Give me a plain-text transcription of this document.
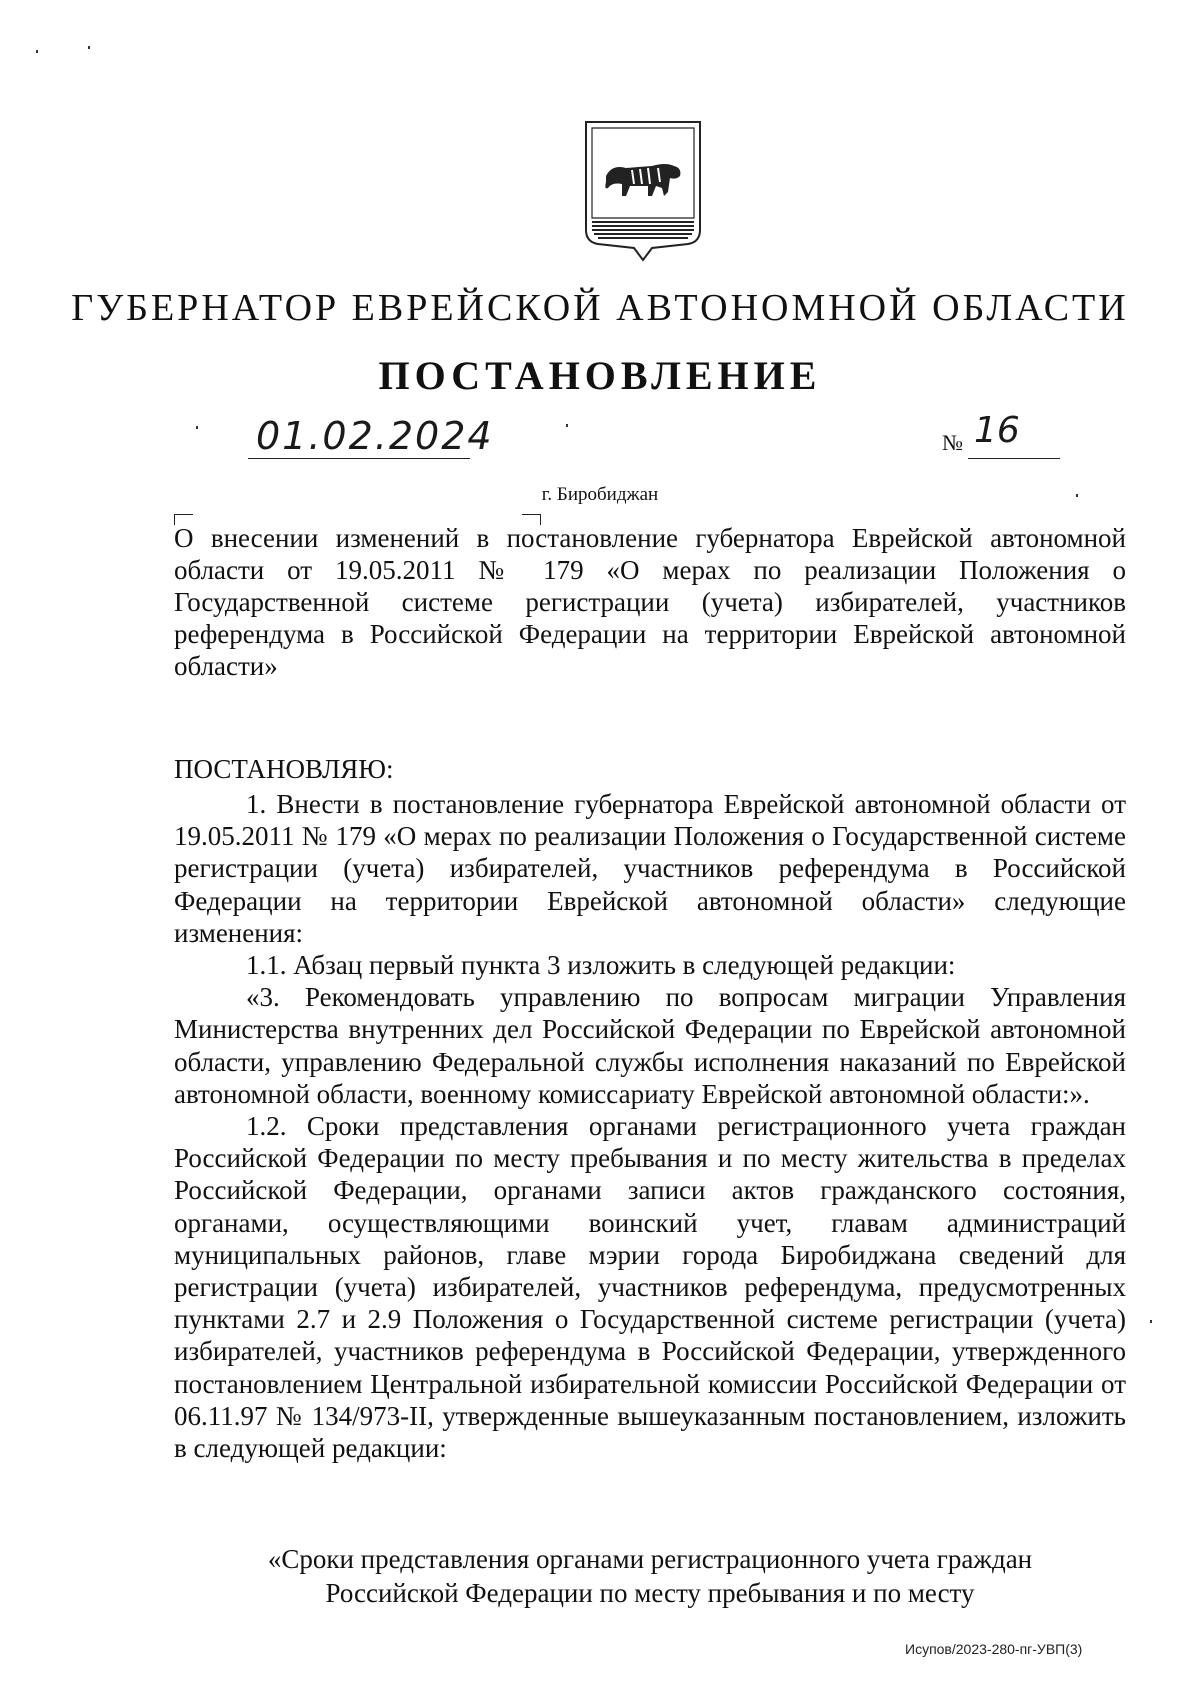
ГУБЕРНАТОР ЕВРЕЙСКОЙ АВТОНОМНОЙ ОБЛАСТИ
ПОСТАНОВЛЕНИЕ
01.02.2024	№ 16
г. Биробиджан
О внесении изменений в постановление губернатора Еврейской автономной области от 19.05.2011 № 179 «О мерах по реализации Положения о Государственной системе регистрации (учета) избирателей, участников референдума в Российской Федерации на территории Еврейской автономной области»
ПОСТАНОВЛЯЮ:

1. Внести в постановление губернатора Еврейской автономной области от 19.05.2011 № 179 «О мерах по реализации Положения о Государственной системе регистрации (учета) избирателей, участников референдума в Российской Федерации на территории Еврейской автономной области» следующие изменения:

1.1. Абзац первый пункта 3 изложить в следующей редакции:

«3. Рекомендовать управлению по вопросам миграции Управления Министерства внутренних дел Российской Федерации по Еврейской автономной области, управлению Федеральной службы исполнения наказаний по Еврейской автономной области, военному комиссариату Еврейской автономной области:».

1.2. Сроки представления органами регистрационного учета граждан Российской Федерации по месту пребывания и по месту жительства в пределах Российской Федерации, органами записи актов гражданского состояния, органами, осуществляющими воинский учет, главам администраций муниципальных районов, главе мэрии города Биробиджана сведений для регистрации (учета) избирателей, участников референдума, предусмотренных пунктами 2.7 и 2.9 Положения о Государственной системе регистрации (учета) избирателей, участников референдума в Российской Федерации, утвержденного постановлением Центральной избирательной комиссии Российской Федерации от 06.11.97 № 134/973-II, утвержденные вышеуказанным постановлением, изложить в следующей редакции:

«Сроки представления органами регистрационного учета граждан
Российской Федерации по месту пребывания и по месту
Исупов/2023-280-пг-УВП(3)
